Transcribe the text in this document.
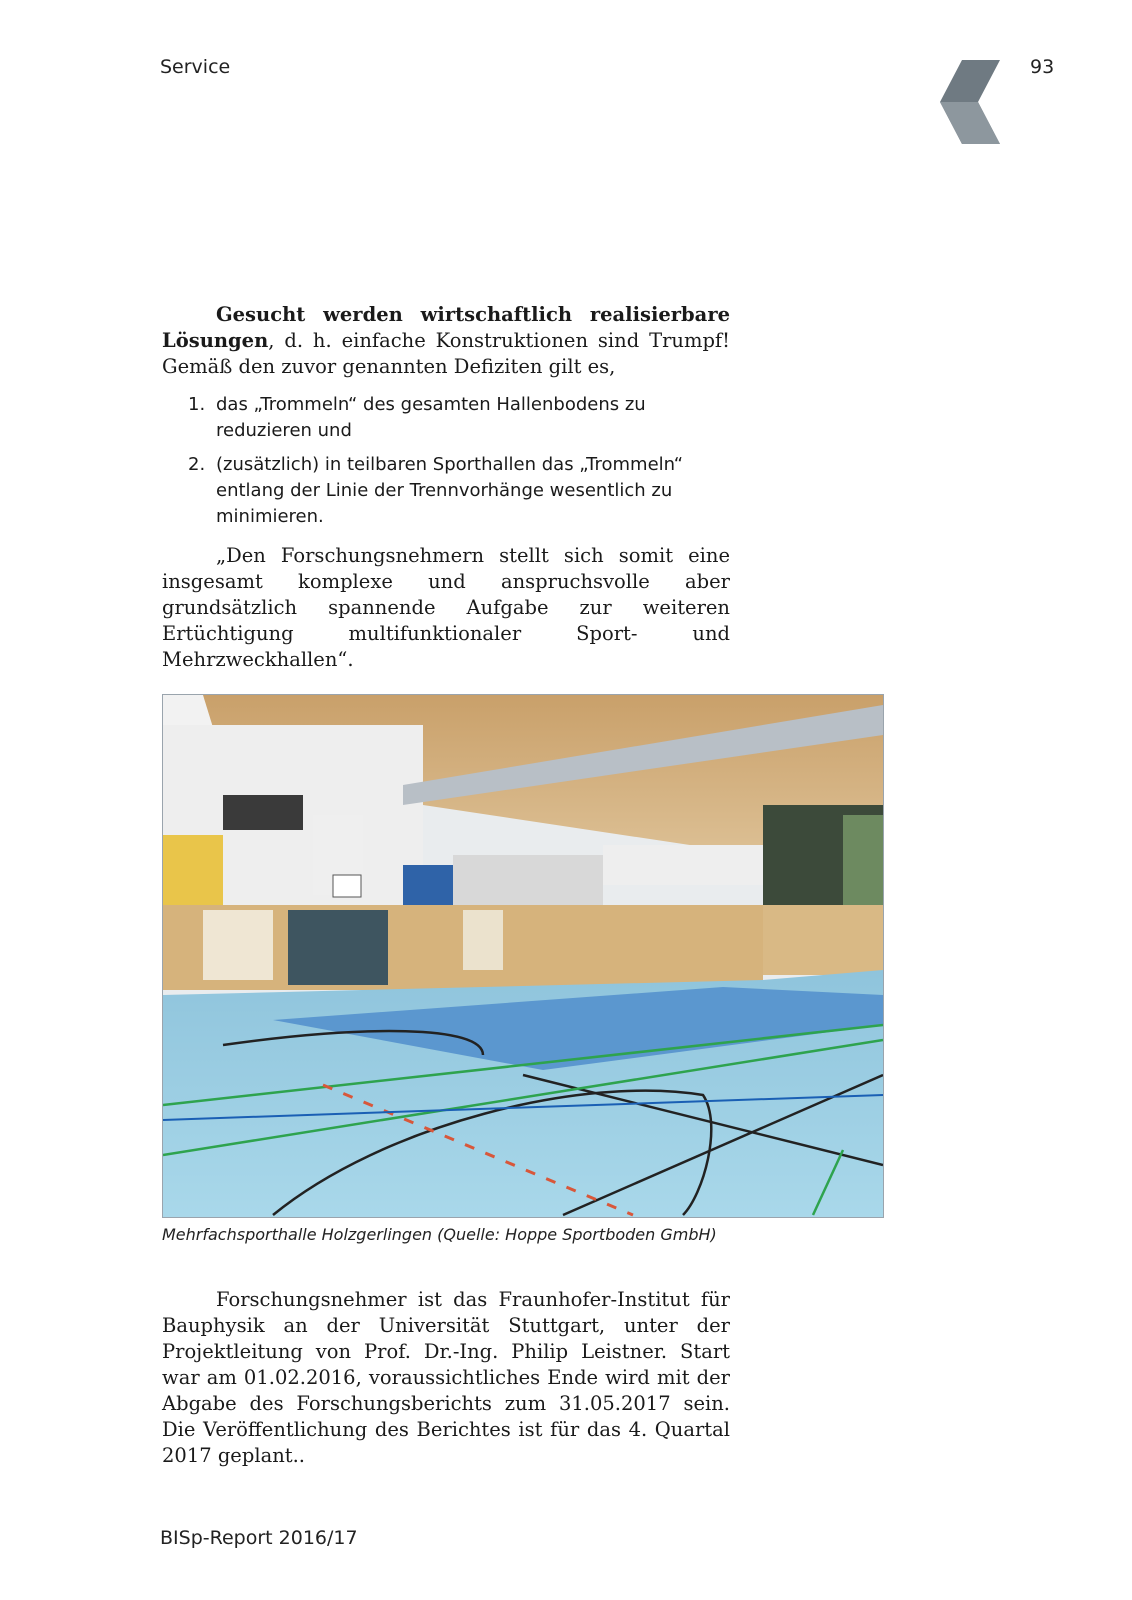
Service	93

Gesucht werden wirtschaftlich realisierbare Lösungen, d. h. einfache Konstruktionen sind Trumpf! Gemäß den zuvor genannten Defiziten gilt es,

1. das „Trommeln“ des gesamten Hallenbodens zu reduzieren und
2. (zusätzlich) in teilbaren Sporthallen das „Trommeln“ entlang der Linie der Trennvorhänge wesentlich zu minimieren.

„Den Forschungsnehmern stellt sich somit eine insgesamt komplexe und anspruchsvolle aber grundsätzlich spannende Aufgabe zur weiteren Ertüchtigung multifunktionaler Sport- und Mehrzweckhallen“.

Mehrfachsporthalle Holzgerlingen (Quelle: Hoppe Sportboden GmbH)

Forschungsnehmer ist das Fraunhofer-Institut für Bauphysik an der Universität Stuttgart, unter der Projektleitung von Prof. Dr.-Ing. Philip Leistner. Start war am 01.02.2016, voraussichtliches Ende wird mit der Abgabe des Forschungsberichts zum 31.05.2017 sein. Die Veröffentlichung des Berichtes ist für das 4. Quartal 2017 geplant..

BISp-Report 2016/17
